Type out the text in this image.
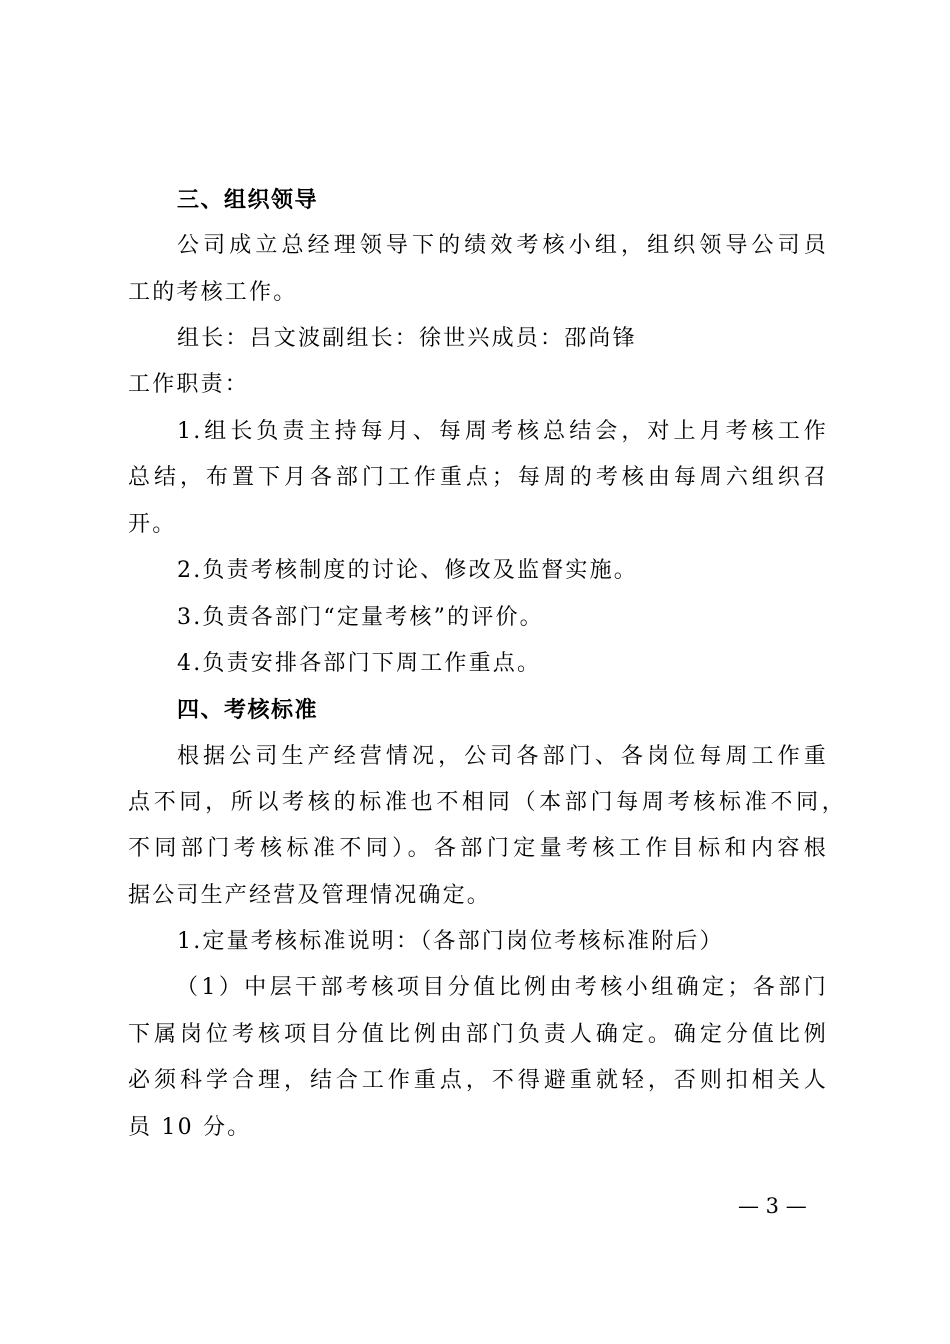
三、组织领导
公司成立总经理领导下的绩效考核小组，组织领导公司员
工的考核工作。
组长：吕文波副组长：徐世兴成员：邵尚锋
工作职责：
1.组长负责主持每月、每周考核总结会，对上月考核工作
总结，布置下月各部门工作重点；每周的考核由每周六组织召
开。
2.负责考核制度的讨论、修改及监督实施。
3.负责各部门“定量考核”的评价。
4.负责安排各部门下周工作重点。
四、考核标准
根据公司生产经营情况，公司各部门、各岗位每周工作重
点不同，所以考核的标准也不相同（本部门每周考核标准不同，
不同部门考核标准不同）。各部门定量考核工作目标和内容根
据公司生产经营及管理情况确定。
1.定量考核标准说明：（各部门岗位考核标准附后）
（1）中层干部考核项目分值比例由考核小组确定；各部门
下属岗位考核项目分值比例由部门负责人确定。确定分值比例
必须科学合理，结合工作重点，不得避重就轻，否则扣相关人
员 10 分。
— 3 —
